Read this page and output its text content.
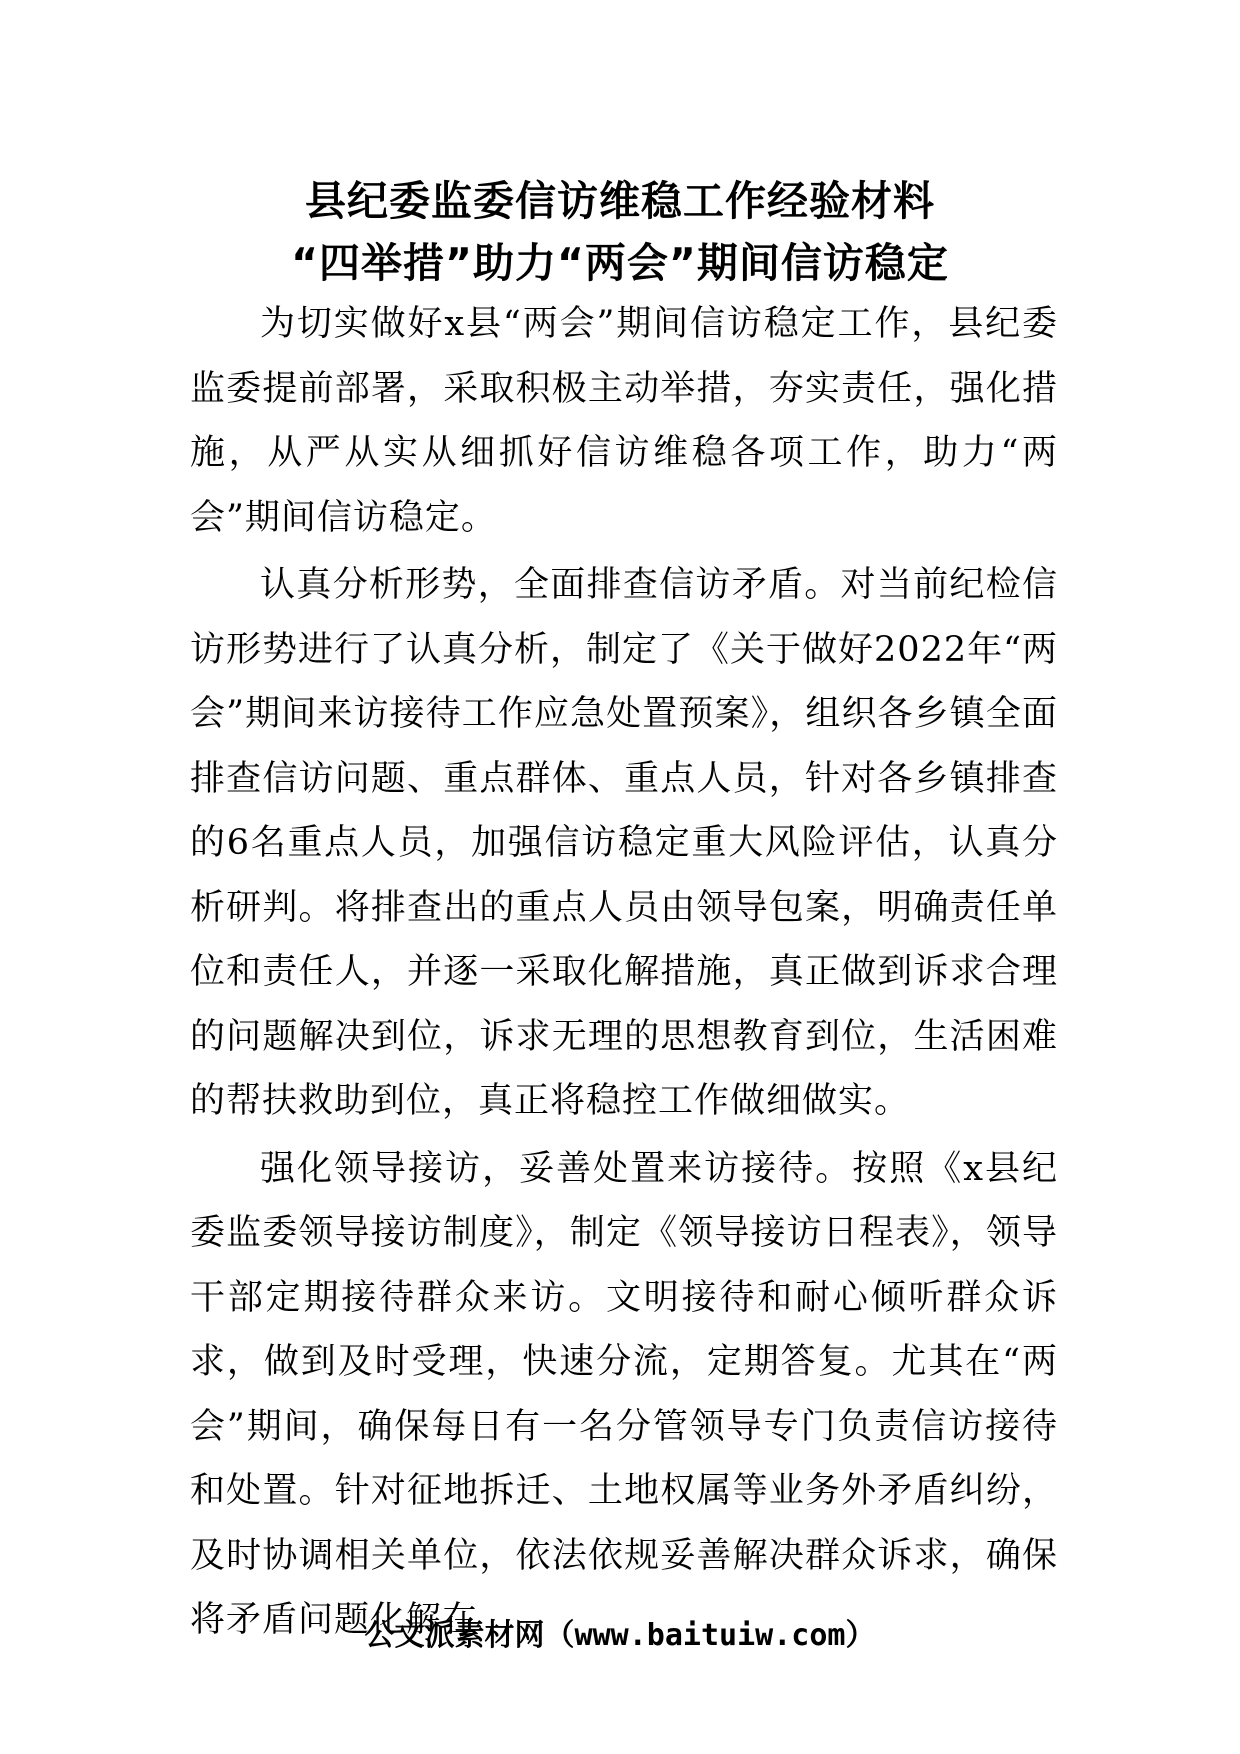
县纪委监委信访维稳工作经验材料
“四举措”助力“两会”期间信访稳定

为切实做好x县“两会”期间信访稳定工作，县纪委监委提前部署，采取积极主动举措，夯实责任，强化措施，从严从实从细抓好信访维稳各项工作，助力“两会”期间信访稳定。

认真分析形势，全面排查信访矛盾。对当前纪检信访形势进行了认真分析，制定了《关于做好2022年“两会”期间来访接待工作应急处置预案》，组织各乡镇全面排查信访问题、重点群体、重点人员，针对各乡镇排查的6名重点人员，加强信访稳定重大风险评估，认真分析研判。将排查出的重点人员由领导包案，明确责任单位和责任人，并逐一采取化解措施，真正做到诉求合理的问题解决到位，诉求无理的思想教育到位，生活困难的帮扶救助到位，真正将稳控工作做细做实。

强化领导接访，妥善处置来访接待。按照《x县纪委监委领导接访制度》，制定《领导接访日程表》，领导干部定期接待群众来访。文明接待和耐心倾听群众诉求，做到及时受理，快速分流，定期答复。尤其在“两会”期间，确保每日有一名分管领导专门负责信访接待和处置。针对征地拆迁、土地权属等业务外矛盾纠纷，及时协调相关单位，依法依规妥善解决群众诉求，确保将矛盾问题化解在

公文派素材网（www.baituiw.com）
